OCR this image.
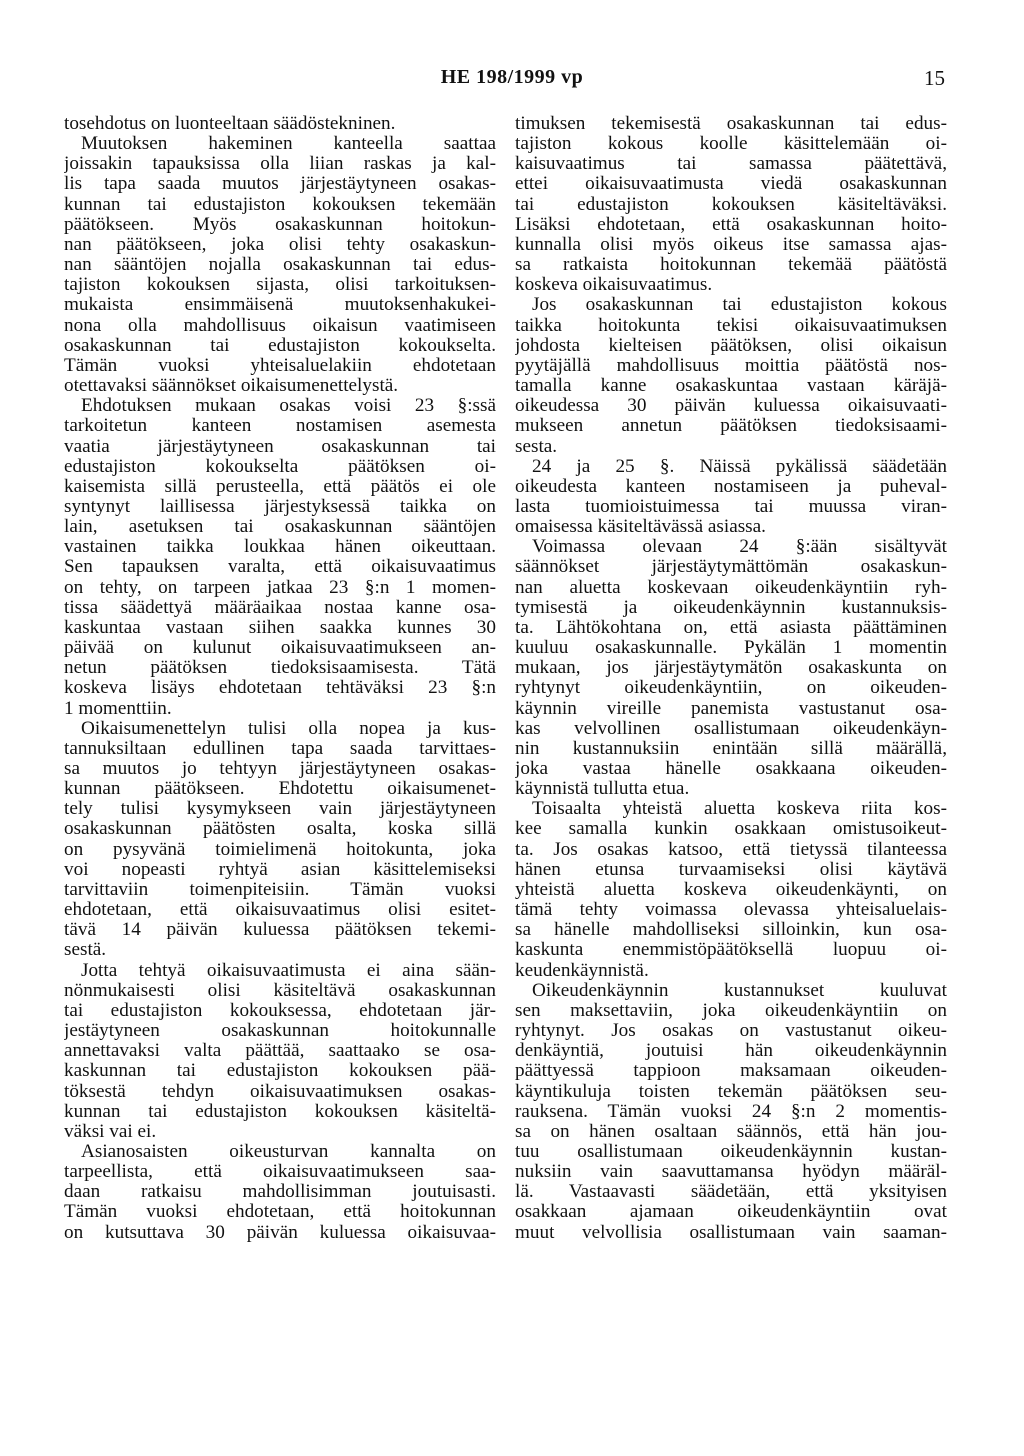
HE 198/1999 vp	15
tosehdotus on luonteeltaan säädöstekninen.
Muutoksen hakeminen kanteella saattaa
joissakin tapauksissa olla liian raskas ja kal-
lis tapa saada muutos järjestäytyneen osakas-
kunnan tai edustajiston kokouksen tekemään
päätökseen. Myös osakaskunnan hoitokun-
nan päätökseen, joka olisi tehty osakaskun-
nan sääntöjen nojalla osakaskunnan tai edus-
tajiston kokouksen sijasta, olisi tarkoituksen-
mukaista ensimmäisenä muutoksenhakukei-
nona olla mahdollisuus oikaisun vaatimiseen
osakaskunnan tai edustajiston kokoukselta.
Tämän vuoksi yhteisaluelakiin ehdotetaan
otettavaksi säännökset oikaisumenettelystä.
Ehdotuksen mukaan osakas voisi 23 §:ssä
tarkoitetun kanteen nostamisen asemesta
vaatia järjestäytyneen osakaskunnan tai
edustajiston kokoukselta päätöksen oi-
kaisemista sillä perusteella, että päätös ei ole
syntynyt laillisessa järjestyksessä taikka on
lain, asetuksen tai osakaskunnan sääntöjen
vastainen taikka loukkaa hänen oikeuttaan.
Sen tapauksen varalta, että oikaisuvaatimus
on tehty, on tarpeen jatkaa 23 §:n 1 momen-
tissa säädettyä määräaikaa nostaa kanne osa-
kaskuntaa vastaan siihen saakka kunnes 30
päivää on kulunut oikaisuvaatimukseen an-
netun päätöksen tiedoksisaamisesta. Tätä
koskeva lisäys ehdotetaan tehtäväksi 23 §:n
1 momenttiin.
Oikaisumenettelyn tulisi olla nopea ja kus-
tannuksiltaan edullinen tapa saada tarvittaes-
sa muutos jo tehtyyn järjestäytyneen osakas-
kunnan päätökseen. Ehdotettu oikaisumenet-
tely tulisi kysymykseen vain järjestäytyneen
osakaskunnan päätösten osalta, koska sillä
on pysyvänä toimielimenä hoitokunta, joka
voi nopeasti ryhtyä asian käsittelemiseksi
tarvittaviin toimenpiteisiin. Tämän vuoksi
ehdotetaan, että oikaisuvaatimus olisi esitet-
tävä 14 päivän kuluessa päätöksen tekemi-
sestä.
Jotta tehtyä oikaisuvaatimusta ei aina sään-
nönmukaisesti olisi käsiteltävä osakaskunnan
tai edustajiston kokouksessa, ehdotetaan jär-
jestäytyneen osakaskunnan hoitokunnalle
annettavaksi valta päättää, saattaako se osa-
kaskunnan tai edustajiston kokouksen pää-
töksestä tehdyn oikaisuvaatimuksen osakas-
kunnan tai edustajiston kokouksen käsiteltä-
väksi vai ei.
Asianosaisten oikeusturvan kannalta on
tarpeellista, että oikaisuvaatimukseen saa-
daan ratkaisu mahdollisimman joutuisasti.
Tämän vuoksi ehdotetaan, että hoitokunnan
on kutsuttava 30 päivän kuluessa oikaisuvaa-
timuksen tekemisestä osakaskunnan tai edus-
tajiston kokous koolle käsittelemään oi-
kaisuvaatimus tai samassa päätettävä,
ettei oikaisuvaatimusta viedä osakaskunnan
tai edustajiston kokouksen käsiteltäväksi.
Lisäksi ehdotetaan, että osakaskunnan hoito-
kunnalla olisi myös oikeus itse samassa ajas-
sa ratkaista hoitokunnan tekemää päätöstä
koskeva oikaisuvaatimus.
Jos osakaskunnan tai edustajiston kokous
taikka hoitokunta tekisi oikaisuvaatimuksen
johdosta kielteisen päätöksen, olisi oikaisun
pyytäjällä mahdollisuus moittia päätöstä nos-
tamalla kanne osakaskuntaa vastaan käräjä-
oikeudessa 30 päivän kuluessa oikaisuvaati-
mukseen annetun päätöksen tiedoksisaami-
sesta.
24 ja 25 §. Näissä pykälissä säädetään
oikeudesta kanteen nostamiseen ja puheval-
lasta tuomioistuimessa tai muussa viran-
omaisessa käsiteltävässä asiassa.
Voimassa olevaan 24 §:ään sisältyvät
säännökset järjestäytymättömän osakaskun-
nan aluetta koskevaan oikeudenkäyntiin ryh-
tymisestä ja oikeudenkäynnin kustannuksis-
ta. Lähtökohtana on, että asiasta päättäminen
kuuluu osakaskunnalle. Pykälän 1 momentin
mukaan, jos järjestäytymätön osakaskunta on
ryhtynyt oikeudenkäyntiin, on oikeuden-
käynnin vireille panemista vastustanut osa-
kas velvollinen osallistumaan oikeudenkäyn-
nin kustannuksiin enintään sillä määrällä,
joka vastaa hänelle osakkaana oikeuden-
käynnistä tullutta etua.
Toisaalta yhteistä aluetta koskeva riita kos-
kee samalla kunkin osakkaan omistusoikeut-
ta. Jos osakas katsoo, että tietyssä tilanteessa
hänen etunsa turvaamiseksi olisi käytävä
yhteistä aluetta koskeva oikeudenkäynti, on
tämä tehty voimassa olevassa yhteisaluelais-
sa hänelle mahdolliseksi silloinkin, kun osa-
kaskunta enemmistöpäätöksellä luopuu oi-
keudenkäynnistä.
Oikeudenkäynnin kustannukset kuuluvat
sen maksettaviin, joka oikeudenkäyntiin on
ryhtynyt. Jos osakas on vastustanut oikeu-
denkäyntiä, joutuisi hän oikeudenkäynnin
päättyessä tappioon maksamaan oikeuden-
käyntikuluja toisten tekemän päätöksen seu-
rauksena. Tämän vuoksi 24 §:n 2 momentis-
sa on hänen osaltaan säännös, että hän jou-
tuu osallistumaan oikeudenkäynnin kustan-
nuksiin vain saavuttamansa hyödyn määräl-
lä. Vastaavasti säädetään, että yksityisen
osakkaan ajamaan oikeudenkäyntiin ovat
muut velvollisia osallistumaan vain saaman-
